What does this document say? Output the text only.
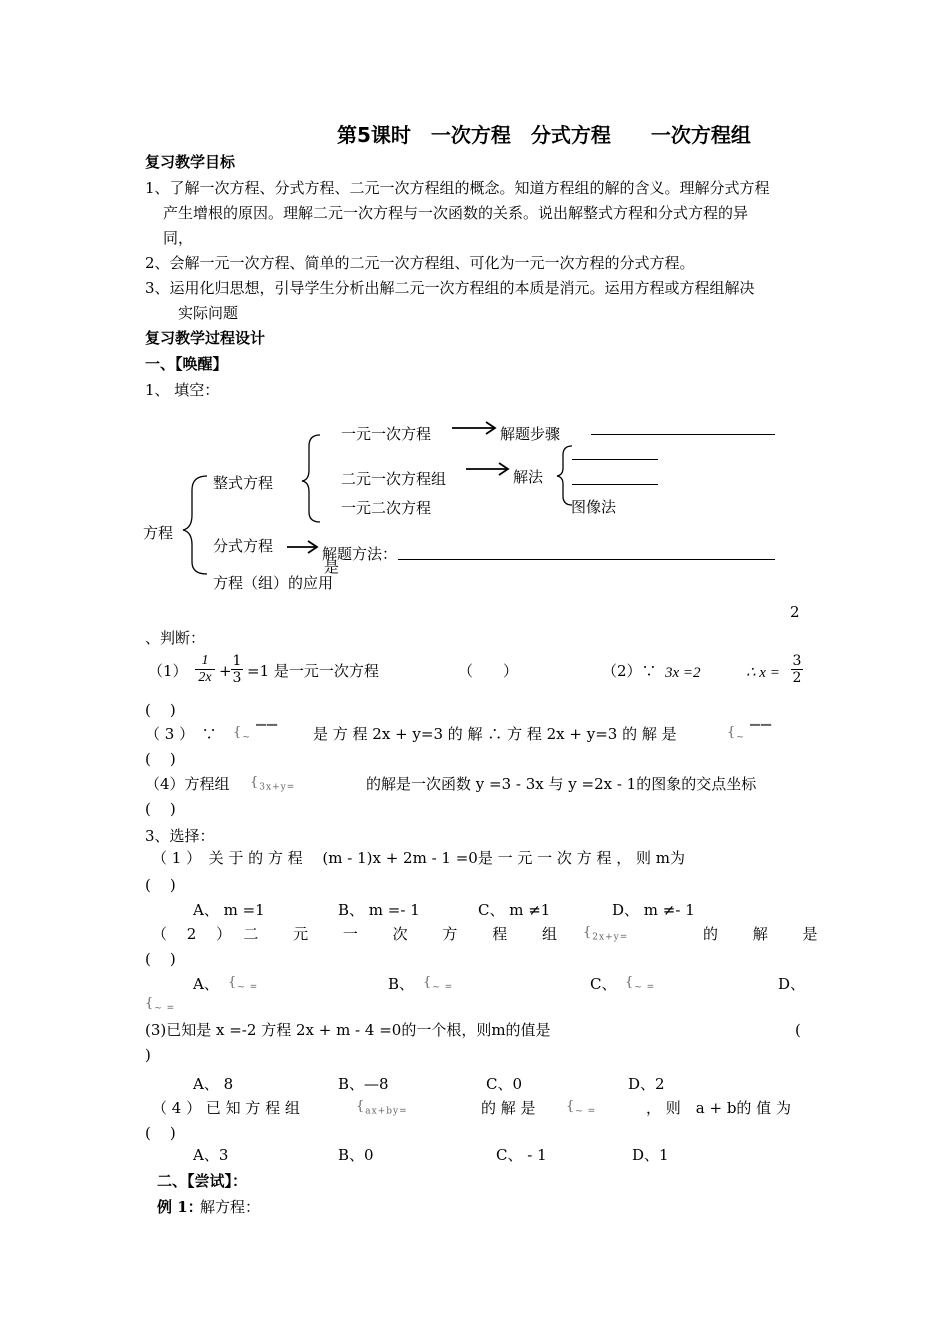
第5课时　一次方程　分式方程　　一次方程组
复习教学目标
1、了解一次方程、分式方程、二元一次方程组的概念。知道方程组的解的含义。理解分式方程
产生增根的原因。理解二元一次方程与一次函数的关系。说出解整式方程和分式方程的异
同，
2、会解一元一次方程、简单的二元一次方程组、可化为一元一次方程的分式方程。
3、运用化归思想，引导学生分析出解二元一次方程组的本质是消元。运用方程或方程组解决
实际问题
复习教学过程设计
一、【唤醒】
1、 填空：
方程
整式方程
分式方程
方程（组）的应用
一元一次方程	解题步骤
二元一次方程组	解法
一元二次方程	图像法
解题方法：
是
2
、判断：
$(1) \frac{1}{2x} + \frac{1}{3} =1$ 是一元一次方程	（　　）	（2）∵ 3x =2	∴ $x = \frac{3}{2}$
(    )
（ 3 ）　∵ {$_\sim$ ▔▔ 是 方 程 2x + y=3 的 解 ∴ 方 程 2x + y=3 的 解 是	{$_\sim$ ▔▔
(    )
（4）方程组 {$_{3x+y=}$	的解是一次函数 y =3 - 3x 与 y =2x - 1的图象的交点坐标
(    )
3、选择：
（ 1 ）　关 于 的 方 程 　(m - 1)x + 2m - 1 =0是 一 元 一 次 方 程 ， 则 m为
(    )
A、 m =1	B、 m =- 1	C、 m ≠1	D、 m ≠- 1
（　 2　 ）　 二　　 元　　 一　　 次　　 方　　 程　　 组 {$_{2x+y=}$	的　　 解　　 是
(    )
A、 {$_{\sim =}$	B、 {$_{\sim =}$	C、 {$_{\sim =}$	D、
{$_{\sim =}$
(3)已知是 x =-2 方程 2x + m - 4 =0的一个根，则m的值是	(
)
A、 8	B、—8	C、0	D、2
（ 4 ） 已 知 方 程 组	{$_{ax+by=}$	的 解 是 {$_{\sim =}$	， 则　a + b的 值 为
(    )
A、3	B、0	C、 - 1	D、1
二、【尝试】：
例 1：
解方程：
